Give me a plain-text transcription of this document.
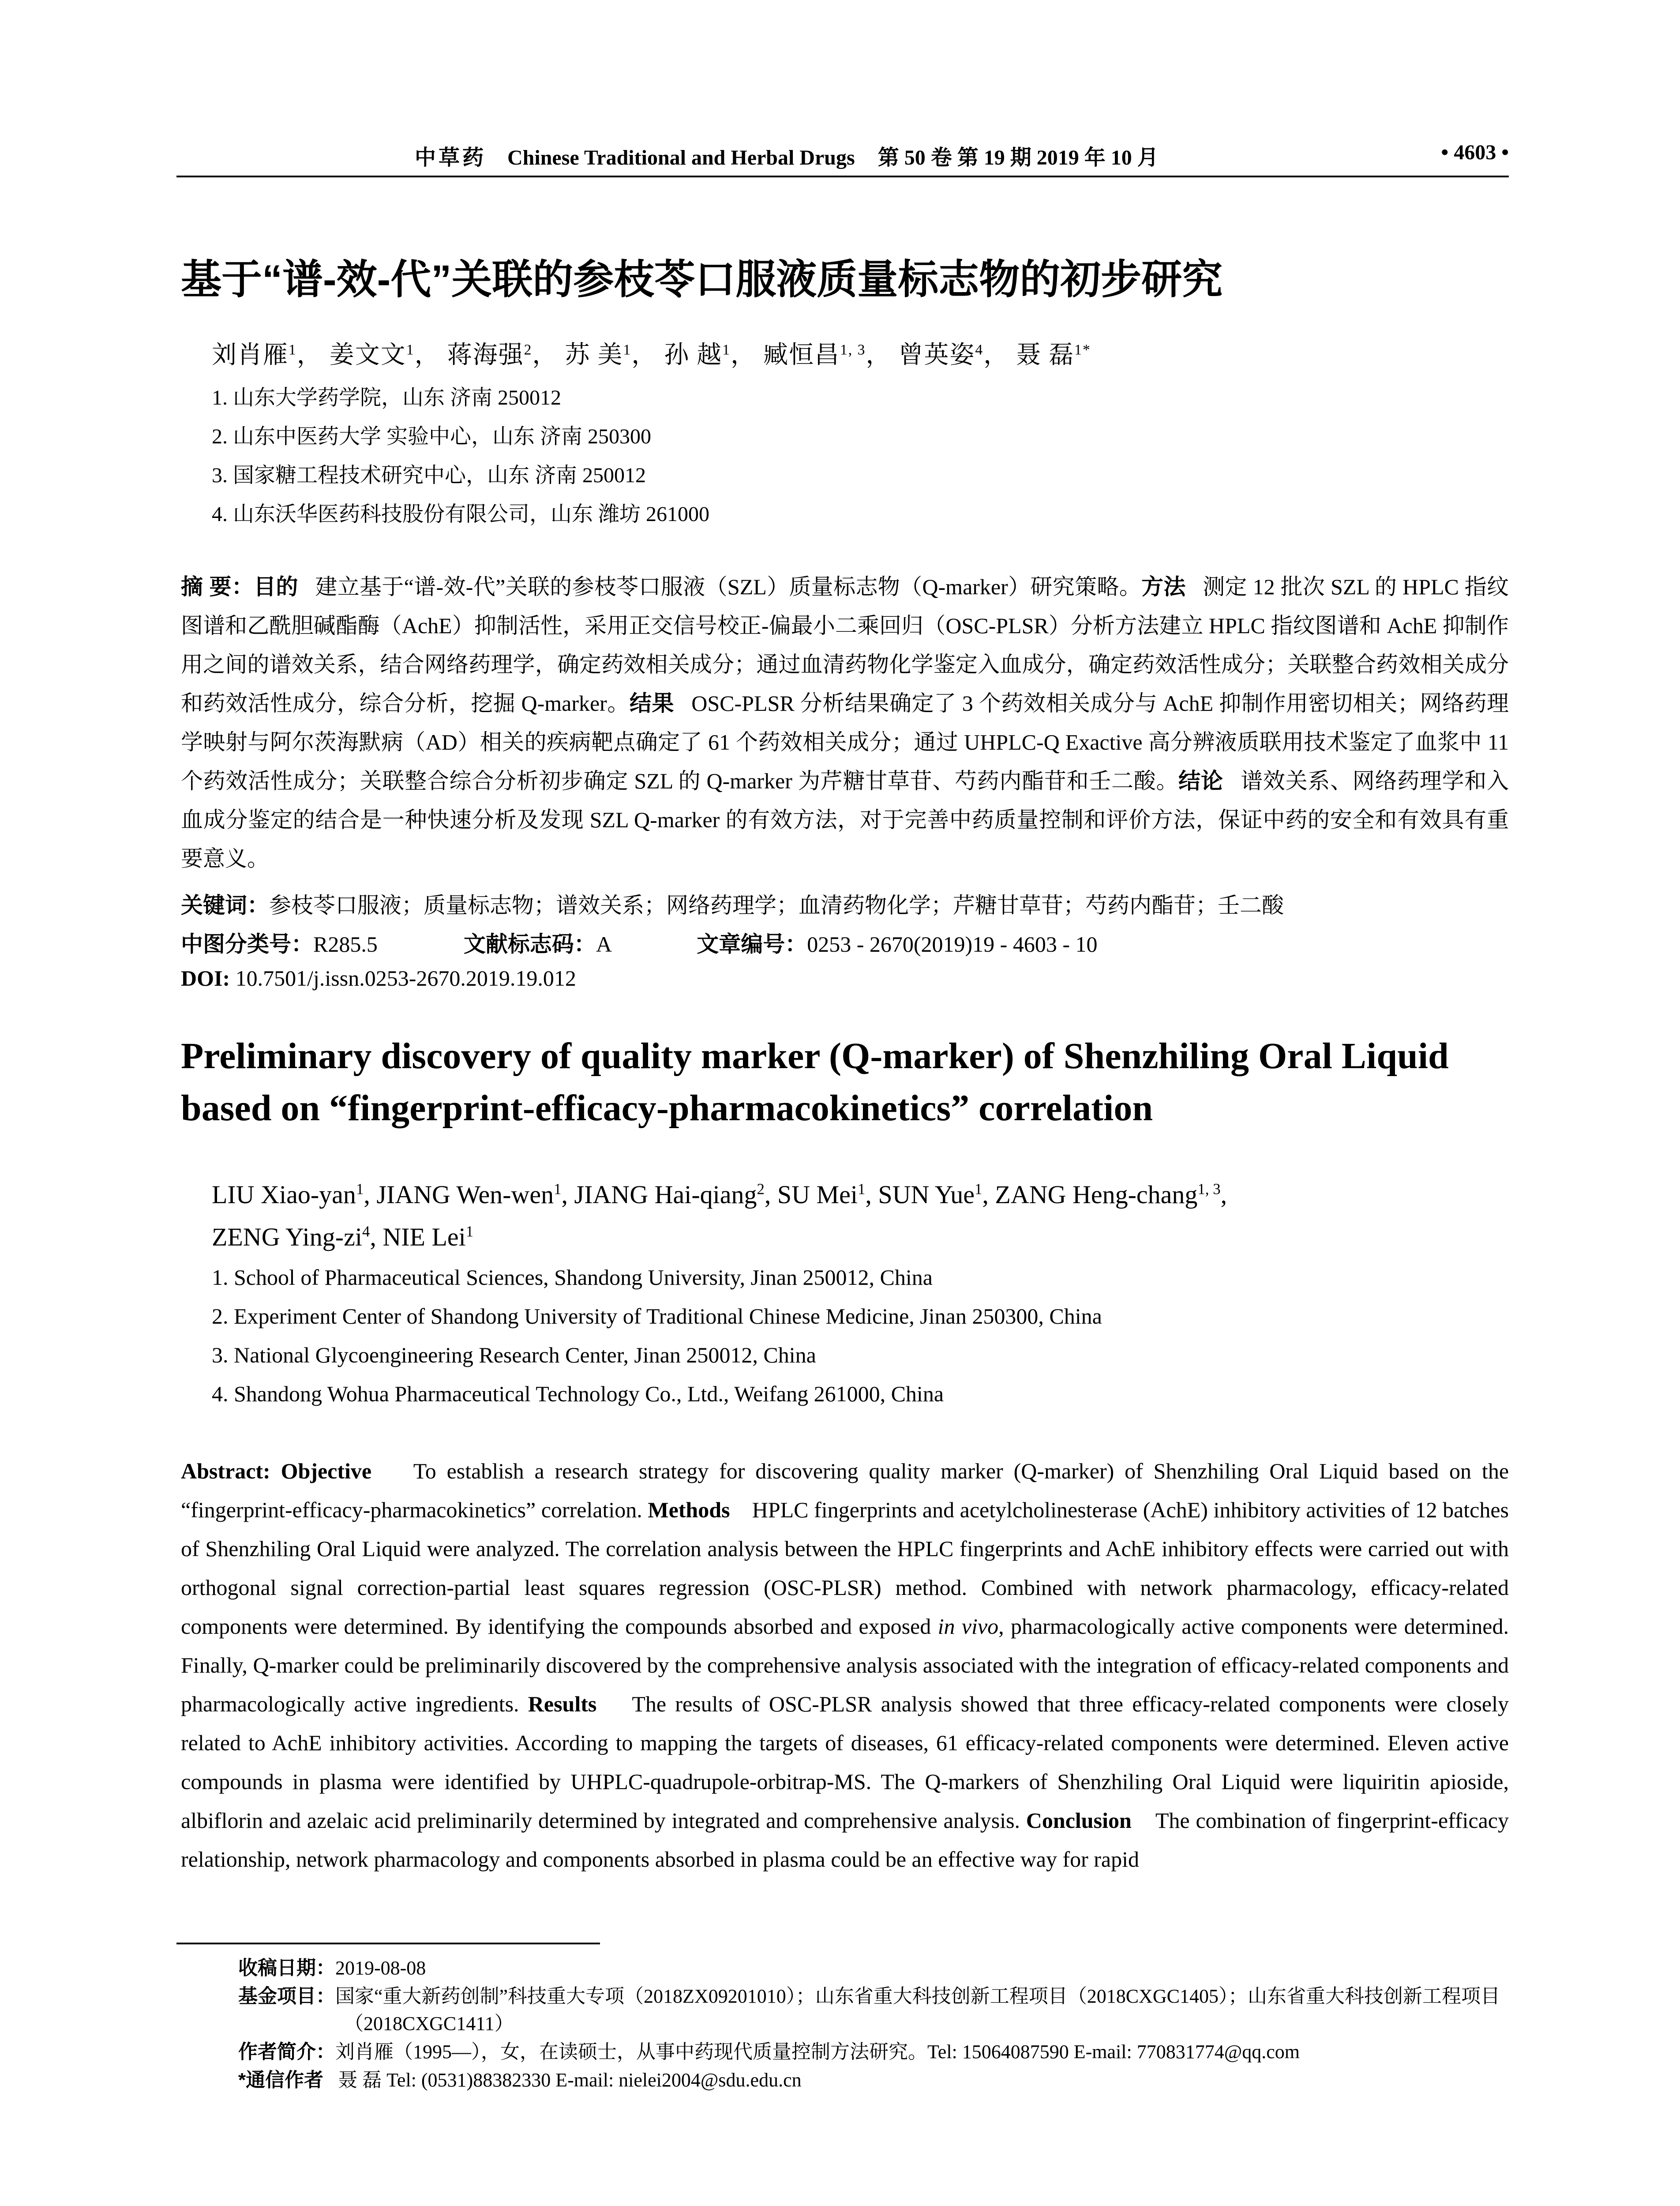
中草药 Chinese Traditional and Herbal Drugs 第 50 卷 第 19 期 2019 年 10 月	• 4603 •
基于“谱-效-代”关联的参枝苓口服液质量标志物的初步研究
刘肖雁$^1$， 姜文文$^1$， 蒋海强$^2$， 苏 美$^1$， 孙 越$^1$， 臧恒昌$^{1, 3}$， 曾英姿$^4$， 聂 磊$^{1*}$
1. 山东大学药学院，山东 济南 250012
2. 山东中医药大学 实验中心，山东 济南 250300
3. 国家糖工程技术研究中心，山东 济南 250012
4. 山东沃华医药科技股份有限公司，山东 潍坊 261000
摘 要：目的 建立基于“谱-效-代”关联的参枝苓口服液（SZL）质量标志物（Q-marker）研究策略。方法 测定 12 批次 SZL 的 HPLC 指纹图谱和乙酰胆碱酯酶（AchE）抑制活性，采用正交信号校正-偏最小二乘回归（OSC-PLSR）分析方法建立 HPLC 指纹图谱和 AchE 抑制作用之间的谱效关系，结合网络药理学，确定药效相关成分；通过血清药物化学鉴定入血成分，确定药效活性成分；关联整合药效相关成分和药效活性成分，综合分析，挖掘 Q-marker。结果 OSC-PLSR 分析结果确定了 3 个药效相关成分与 AchE 抑制作用密切相关；网络药理学映射与阿尔茨海默病（AD）相关的疾病靶点确定了 61 个药效相关成分；通过 UHPLC-Q Exactive 高分辨液质联用技术鉴定了血浆中 11 个药效活性成分；关联整合综合分析初步确定 SZL 的 Q-marker 为芹糖甘草苷、芍药内酯苷和壬二酸。结论 谱效关系、网络药理学和入血成分鉴定的结合是一种快速分析及发现 SZL Q-marker 的有效方法，对于完善中药质量控制和评价方法，保证中药的安全和有效具有重要意义。
关键词：参枝苓口服液；质量标志物；谱效关系；网络药理学；血清药物化学；芹糖甘草苷；芍药内酯苷；壬二酸
中图分类号：R285.5	文献标志码：A	文章编号：0253 - 2670(2019)19 - 4603 - 10
DOI: 10.7501/j.issn.0253-2670.2019.19.012
Preliminary discovery of quality marker (Q-marker) of Shenzhiling Oral Liquid based on “fingerprint-efficacy-pharmacokinetics” correlation
LIU Xiao-yan$^1$, JIANG Wen-wen$^1$, JIANG Hai-qiang$^2$, SU Mei$^1$, SUN Yue$^1$, ZANG Heng-chang$^{1, 3}$,
ZENG Ying-$zi^4$, NIE Lei$^1$
1. School of Pharmaceutical Sciences, Shandong University, Jinan 250012, China
2. Experiment Center of Shandong University of Traditional Chinese Medicine, Jinan 250300, China
3. National Glycoengineering Research Center, Jinan 250012, China
4. Shandong Wohua Pharmaceutical Technology Co., Ltd., Weifang 261000, China
Abstract: Objective To establish a research strategy for discovering quality marker (Q-marker) of Shenzhiling Oral Liquid based on the “fingerprint-efficacy-pharmacokinetics” correlation. Methods HPLC fingerprints and acetylcholinesterase (AchE) inhibitory activities of 12 batches of Shenzhiling Oral Liquid were analyzed. The correlation analysis between the HPLC fingerprints and AchE inhibitory effects were carried out with orthogonal signal correction-partial least squares regression (OSC-PLSR) method. Combined with network pharmacology, efficacy-related components were determined. By identifying the compounds absorbed and exposed in vivo, pharmacologically active components were determined. Finally, Q-marker could be preliminarily discovered by the comprehensive analysis associated with the integration of efficacy-related components and pharmacologically active ingredients. Results The results of OSC-PLSR analysis showed that three efficacy-related components were closely related to AchE inhibitory activities. According to mapping the targets of diseases, 61 efficacy-related components were determined. Eleven active compounds in plasma were identified by UHPLC-quadrupole-orbitrap-MS. The Q-markers of Shenzhiling Oral Liquid were liquiritin apioside, albiflorin and azelaic acid preliminarily determined by integrated and comprehensive analysis. Conclusion The combination of fingerprint-efficacy relationship, network pharmacology and components absorbed in plasma could be an effective way for rapid
收稿日期：2019-08-08
基金项目：国家“重大新药创制”科技重大专项（2018ZX09201010）；山东省重大科技创新工程项目（2018CXGC1405）；山东省重大科技创新工程项目（2018CXGC1411）
作者简介：刘肖雁（1995—），女，在读硕士，从事中药现代质量控制方法研究。Tel: 15064087590 E-mail: 770831774@qq.com
*通信作者 聂 磊 Tel: (0531)88382330 E-mail: nielei2004@sdu.edu.cn
